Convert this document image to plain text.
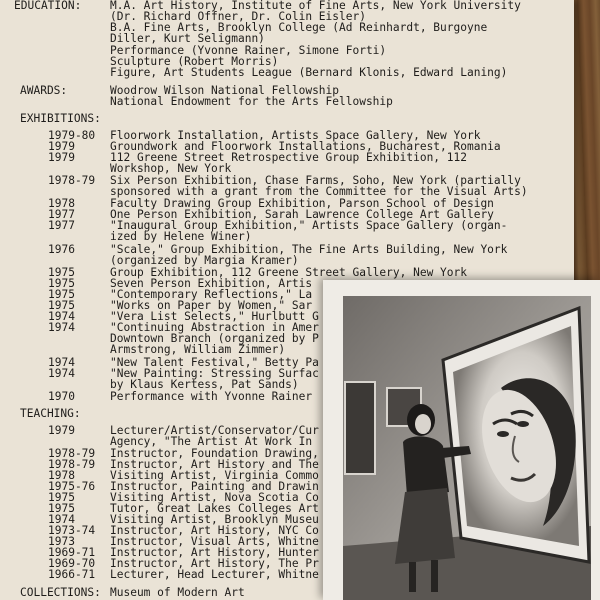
EDUCATION:	M.A. Art History, Institute of Fine Arts, New York University
(Dr. Richard Offner, Dr. Colin Eisler)
B.A. Fine Arts, Brooklyn College (Ad Reinhardt, Burgoyne
Diller, Kurt Seligmann)
Performance (Yvonne Rainer, Simone Forti)
Sculpture (Robert Morris)
Figure, Art Students League (Bernard Klonis, Edward Laning)
AWARDS:	Woodrow Wilson National Fellowship
National Endowment for the Arts Fellowship
EXHIBITIONS:
1979-80 Floorwork Installation, Artists Space Gallery, New York
1979	Groundwork and Floorwork Installations, Bucharest, Romania
1979	112 Greene Street Retrospective Group Exhibition, 112
Workshop, New York
1978-79 Six Person Exhibition, Chase Farms, Soho, New York (partially
sponsored with a grant from the Committee for the Visual Arts)
1978	Faculty Drawing Group Exhibition, Parson School of Design
1977	One Person Exhibition, Sarah Lawrence College Art Gallery
1977	"Inaugural Group Exhibition," Artists Space Gallery (organ-
ized by Helene Winer)
1976	"Scale," Group Exhibition, The Fine Arts Building, New York
(organized by Margia Kramer)
1975	Group Exhibition, 112 Greene Street Gallery, New York
1975	Seven Person Exhibition, Artis
1975	"Contemporary Reflections," La
1975	"Works on Paper by Women," Sar
1974	"Vera List Selects," Hurlbutt G
1974	"Continuing Abstraction in Amer
Downtown Branch (organized by P
Armstrong, William Zimmer)
1974	"New Talent Festival," Betty Pa
1974	"New Painting: Stressing Surfac
by Klaus Kertess, Pat Sands)
1970	Performance with Yvonne Rainer
TEACHING:
1979	Lecturer/Artist/Conservator/Cur
Agency, "The Artist At Work In
1978-79 Instructor, Foundation Drawing,
1978-79 Instructor, Art History and The
1978	Visiting Artist, Virginia Commo
1975-76 Instructor, Painting and Drawin
1975	Visiting Artist, Nova Scotia Co
1975	Tutor, Great Lakes Colleges Art
1974	Visiting Artist, Brooklyn Museu
1973-74 Instructor, Art History, NYC Co
1973	Instructor, Visual Arts, Whitne
1969-71 Instructor, Art History, Hunter
1969-70 Instructor, Art History, The Pr
1966-71 Lecturer, Head Lecturer, Whitne
COLLECTIONS: Museum of Modern Art
